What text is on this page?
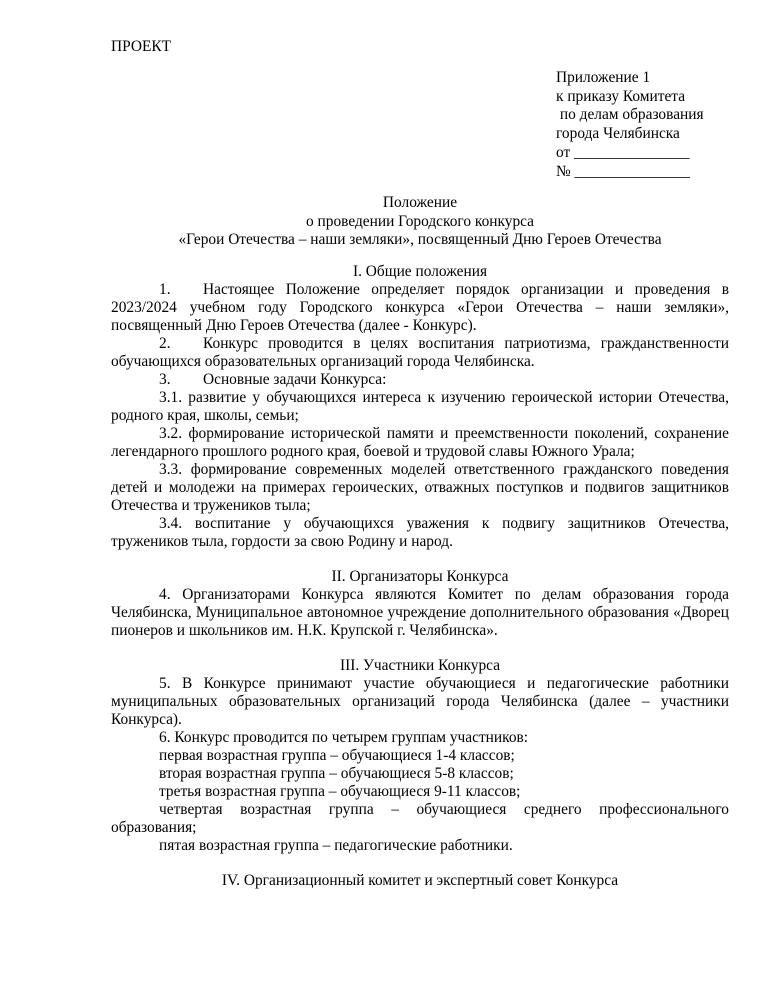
ПРОЕКТ
Приложение 1
к приказу Комитета
по делам образования
города Челябинска
от _______________
№ _______________
Положение
о проведении Городского конкурса
«Герои Отечества – наши земляки», посвященный Дню Героев Отечества

I. Общие положения

1. Настоящее Положение определяет порядок организации и проведения в 2023/2024 учебном году Городского конкурса «Герои Отечества – наши земляки», посвященный Дню Героев Отечества (далее - Конкурс).

2. Конкурс проводится в целях воспитания патриотизма, гражданственности обучающихся образовательных организаций города Челябинска.

3. Основные задачи Конкурса:

3.1. развитие у обучающихся интереса к изучению героической истории Отечества, родного края, школы, семьи;

3.2. формирование исторической памяти и преемственности поколений, сохранение легендарного прошлого родного края, боевой и трудовой славы Южного Урала;

3.3. формирование современных моделей ответственного гражданского поведения детей и молодежи на примерах героических, отважных поступков и подвигов защитников Отечества и тружеников тыла;

3.4. воспитание у обучающихся уважения к подвигу защитников Отечества, тружеников тыла, гордости за свою Родину и народ.

II. Организаторы Конкурса

4. Организаторами Конкурса являются Комитет по делам образования города Челябинска, Муниципальное автономное учреждение дополнительного образования «Дворец пионеров и школьников им. Н.К. Крупской г. Челябинска».

III. Участники Конкурса

5. В Конкурсе принимают участие обучающиеся и педагогические работники муниципальных образовательных организаций города Челябинска (далее – участники Конкурса).

6. Конкурс проводится по четырем группам участников:

первая возрастная группа – обучающиеся 1-4 классов;

вторая возрастная группа – обучающиеся 5-8 классов;

третья возрастная группа – обучающиеся 9-11 классов;

четвертая возрастная группа – обучающиеся среднего профессионального образования;

пятая возрастная группа – педагогические работники.

IV. Организационный комитет и экспертный совет Конкурса
